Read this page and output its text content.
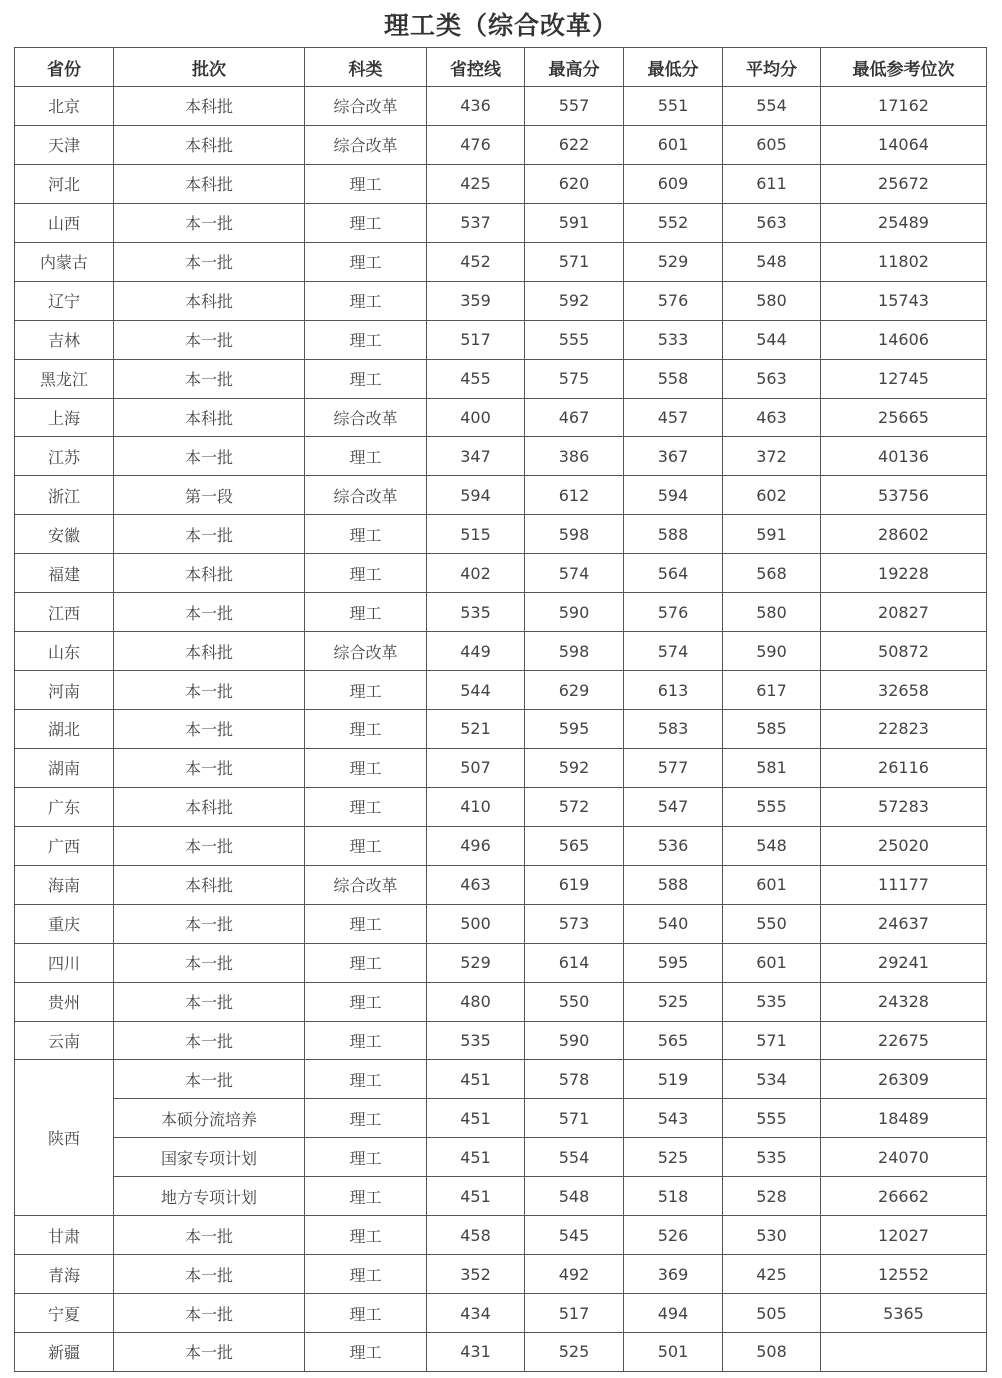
理工类（综合改革）
省份	批次	科类	省控线	最高分	最低分	平均分	最低参考位次
北京	本科批	综合改革	436	557	551	554	17162
天津	本科批	综合改革	476	622	601	605	14064
河北	本科批	理工	425	620	609	611	25672
山西	本一批	理工	537	591	552	563	25489
内蒙古	本一批	理工	452	571	529	548	11802
辽宁	本科批	理工	359	592	576	580	15743
吉林	本一批	理工	517	555	533	544	14606
黑龙江	本一批	理工	455	575	558	563	12745
上海	本科批	综合改革	400	467	457	463	25665
江苏	本一批	理工	347	386	367	372	40136
浙江	第一段	综合改革	594	612	594	602	53756
安徽	本一批	理工	515	598	588	591	28602
福建	本科批	理工	402	574	564	568	19228
江西	本一批	理工	535	590	576	580	20827
山东	本科批	综合改革	449	598	574	590	50872
河南	本一批	理工	544	629	613	617	32658
湖北	本一批	理工	521	595	583	585	22823
湖南	本一批	理工	507	592	577	581	26116
广东	本科批	理工	410	572	547	555	57283
广西	本一批	理工	496	565	536	548	25020
海南	本科批	综合改革	463	619	588	601	11177
重庆	本一批	理工	500	573	540	550	24637
四川	本一批	理工	529	614	595	601	29241
贵州	本一批	理工	480	550	525	535	24328
云南	本一批	理工	535	590	565	571	22675
陕西	本一批	理工	451	578	519	534	26309
	本硕分流培养	理工	451	571	543	555	18489
	国家专项计划	理工	451	554	525	535	24070
	地方专项计划	理工	451	548	518	528	26662
甘肃	本一批	理工	458	545	526	530	12027
青海	本一批	理工	352	492	369	425	12552
宁夏	本一批	理工	434	517	494	505	5365
新疆	本一批	理工	431	525	501	508	
